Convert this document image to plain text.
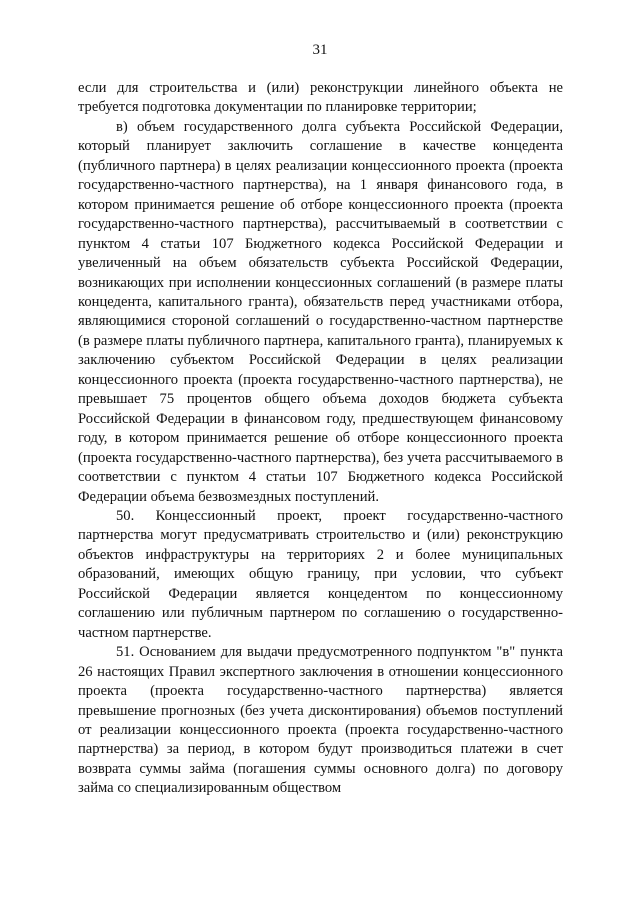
31

если для строительства и (или) реконструкции линейного объекта не требуется подготовка документации по планировке территории;

в) объем государственного долга субъекта Российской Федерации, который планирует заключить соглашение в качестве концедента (публичного партнера) в целях реализации концессионного проекта (проекта государственно-частного партнерства), на 1 января финансового года, в котором принимается решение об отборе концессионного проекта (проекта государственно-частного партнерства), рассчитываемый в соответствии с пунктом 4 статьи 107 Бюджетного кодекса Российской Федерации и увеличенный на объем обязательств субъекта Российской Федерации, возникающих при исполнении концессионных соглашений (в размере платы концедента, капитального гранта), обязательств перед участниками отбора, являющимися стороной соглашений о государственно-частном партнерстве (в размере платы публичного партнера, капитального гранта), планируемых к заключению субъектом Российской Федерации в целях реализации концессионного проекта (проекта государственно-частного партнерства), не превышает 75 процентов общего объема доходов бюджета субъекта Российской Федерации в финансовом году, предшествующем финансовому году, в котором принимается решение об отборе концессионного проекта (проекта государственно-частного партнерства), без учета рассчитываемого в соответствии с пунктом 4 статьи 107 Бюджетного кодекса Российской Федерации объема безвозмездных поступлений.

50. Концессионный проект, проект государственно-частного партнерства могут предусматривать строительство и (или) реконструкцию объектов инфраструктуры на территориях 2 и более муниципальных образований, имеющих общую границу, при условии, что субъект Российской Федерации является концедентом по концессионному соглашению или публичным партнером по соглашению о государственно-частном партнерстве.

51. Основанием для выдачи предусмотренного подпунктом "в" пункта 26 настоящих Правил экспертного заключения в отношении концессионного проекта (проекта государственно-частного партнерства) является превышение прогнозных (без учета дисконтирования) объемов поступлений от реализации концессионного проекта (проекта государственно-частного партнерства) за период, в котором будут производиться платежи в счет возврата суммы займа (погашения суммы основного долга) по договору займа со специализированным обществом
